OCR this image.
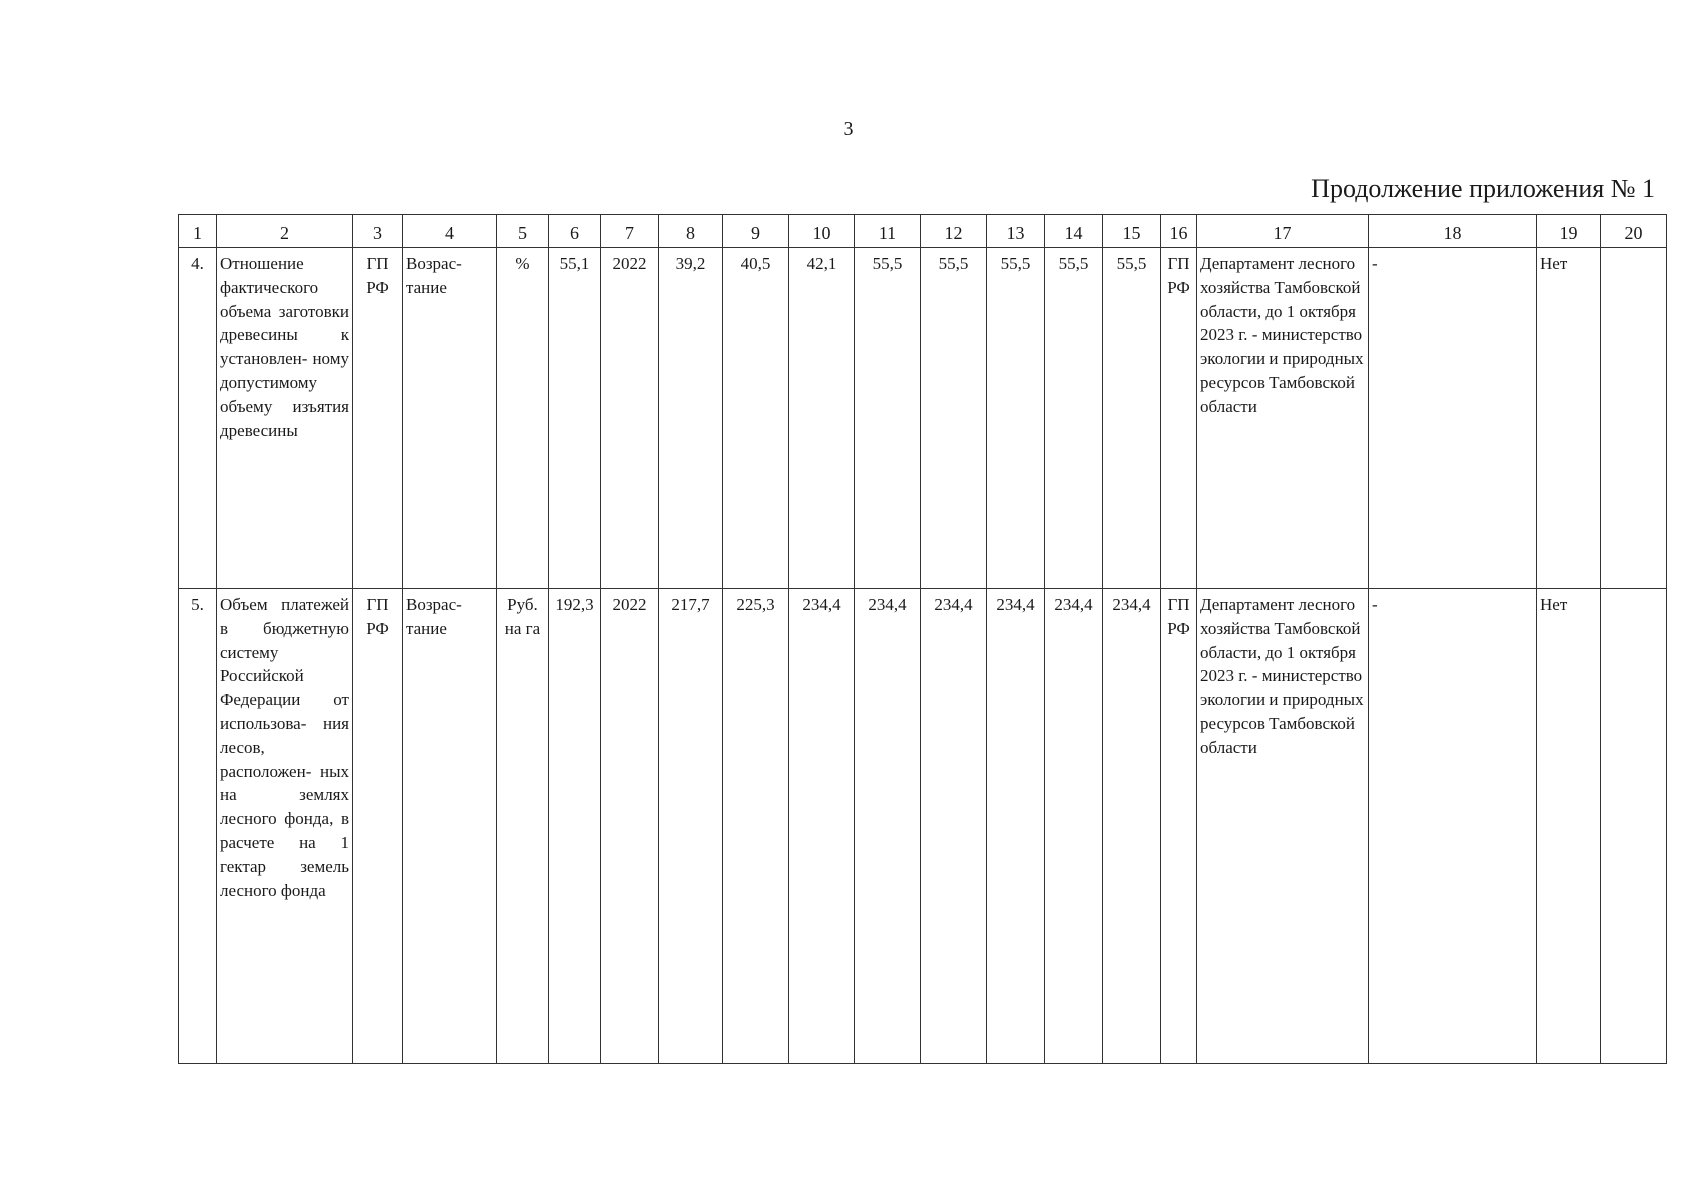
3
Продолжение приложения № 1
1	2	3	4	5	6	7	8	9	10	11	12	13	14	15	16	17	18	19	20
4.	Отношение фактического объема заготовки древесины к установлен- ному допустимому объему изъятия древесины	ГП РФ	Возрас- тание	%	55,1	2022	39,2	40,5	42,1	55,5	55,5	55,5	55,5	55,5	ГП РФ	Департамент лесного хозяйства Тамбовской области, до 1 октября 2023 г. - министерство экологии и природных ресурсов Тамбовской области	-	Нет	
5.	Объем платежей в бюджетную систему Российской Федерации от использова- ния лесов, расположен- ных на землях лесного фонда, в расчете на 1 гектар земель лесного фонда	ГП РФ	Возрас- тание	Руб. на га	192,3	2022	217,7	225,3	234,4	234,4	234,4	234,4	234,4	234,4	ГП РФ	Департамент лесного хозяйства Тамбовской области, до 1 октября 2023 г. - министерство экологии и природных ресурсов Тамбовской области	-	Нет	
